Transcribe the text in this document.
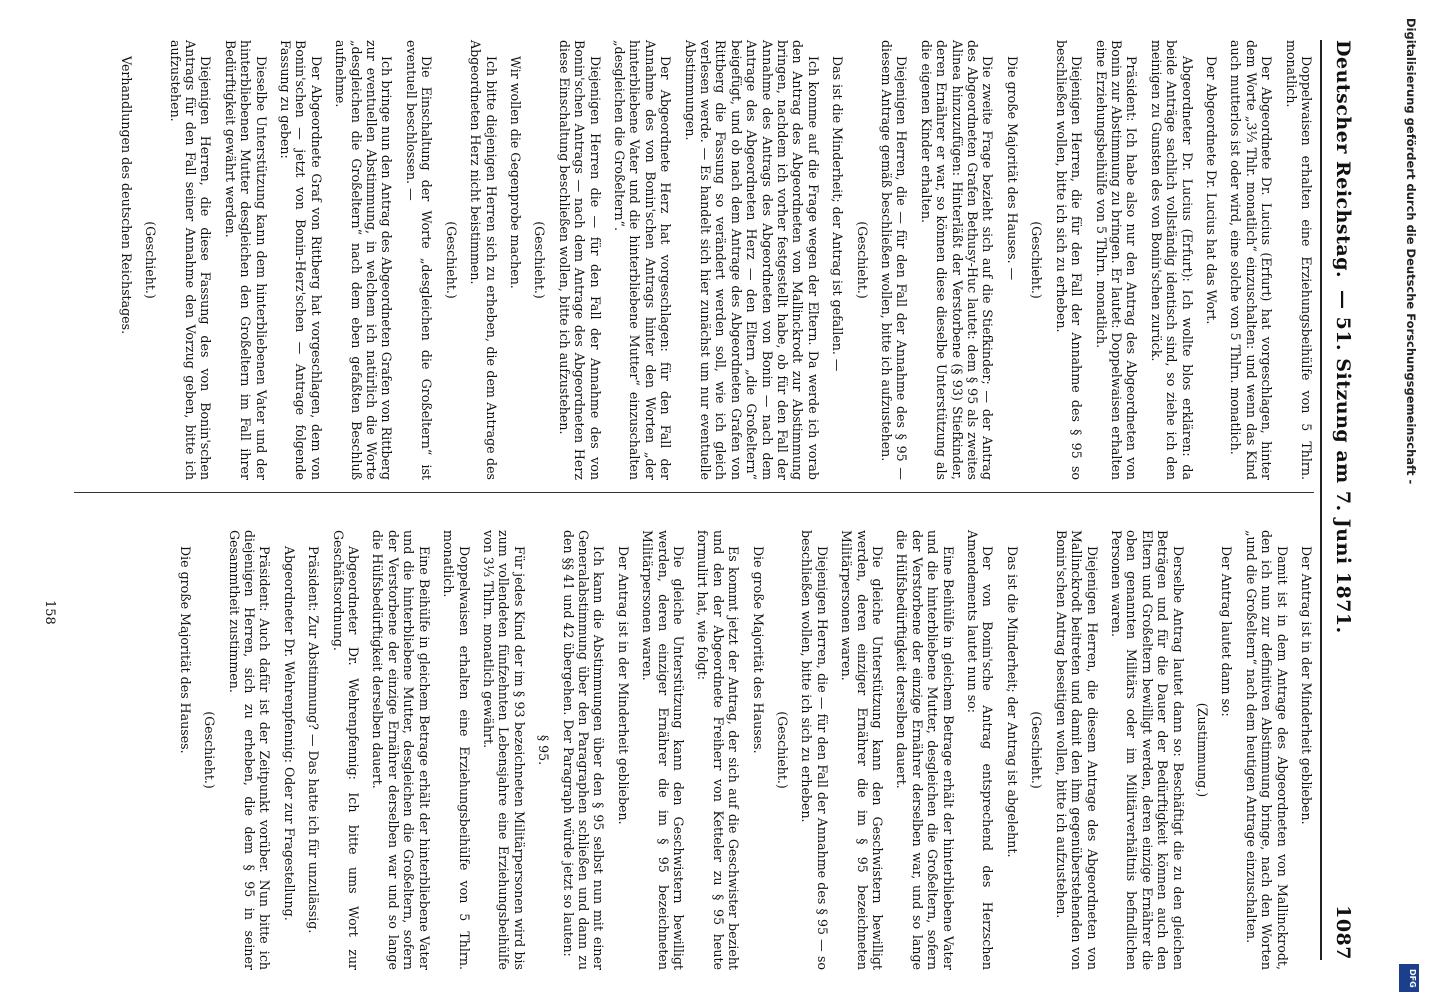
Deutscher Reichstag.
— 51. Sitzung am 7. Juni 1871.
1087

Doppelwaisen erhalten eine Erziehungsbeihülfe von 5 Thlrn. monatlich.

Der Abgeordnete Dr. Lucius (Erfurt) hat vorgeschlagen, hinter dem Worte „3⅓ Thlr. monatlich“ einzuschalten: und wenn das Kind auch mutterlos ist oder wird, eine solche von 5 Thlrn. monatlich.

Der Abgeordnete Dr. Lucius hat das Wort.

Abgeordneter Dr. Lucius (Erfurt): Ich wollte blos erklären: da beide Anträge sachlich vollständig identisch sind, so ziehe ich den meinigen zu Gunsten des von Bonin'schen zurück.

Präsident: Ich habe also nur den Antrag des Abgeordneten von Bonin zur Abstimmung zu bringen. Er lautet: Doppelwaisen erhalten eine Erziehungsbeihülfe von 5 Thlrn. monatlich.

Diejenigen Herren, die für den Fall der Annahme des § 95 so beschließen wollen, bitte ich sich zu erheben.

(Geschieht.)

Die große Majorität des Hauses. —

Die zweite Frage bezieht sich auf die Stiefkinder; — der Antrag des Abgeordneten Grafen Bethusy-Huc lautet: dem § 95 als zweites Alinea hinzuzufügen: Hinterläßt der Verstorbene (§ 93) Stiefkinder, deren Ernährer er war, so können diese dieselbe Unterstützung als die eigenen Kinder erhalten.

Diejenigen Herren, die — für den Fall der Annahme des § 95 — diesem Antrage gemäß beschließen wollen, bitte ich aufzustehen.

(Geschieht.)

Das ist die Minderheit; der Antrag ist gefallen. —

Ich komme auf die Frage wegen der Eltern. Da werde ich vorab den Antrag des Abgeordneten von Mallinckrodt zur Abstimmung bringen, nachdem ich vorher festgestellt habe, ob für den Fall der Annahme des Antrags des Abgeordneten von Bonin — nach dem Antrage des Abgeordneten Herz — den Eltern „die Großeltern“ beigefügt, und ob nach dem Antrage des Abgeordneten Grafen von Rittberg die Fassung so verändert werden soll, wie ich gleich verlesen werde. — Es handelt sich hier zunächst um nur eventuelle Abstimmungen.

Der Abgeordnete Herz hat vorgeschlagen: für den Fall der Annahme des von Bonin'schen Antrags hinter den Worten „der hinterbliebene Vater und die hinterbliebene Mutter“ einzuschalten „desgleichen die Großeltern“.

Diejenigen Herren die — für den Fall der Annahme des von Bonin'schen Antrags — nach dem Antrage des Abgeordneten Herz diese Einschaltung beschließen wollen, bitte ich aufzustehen.

(Geschieht.)

Wir wollen die Gegenprobe machen.

Ich bitte diejenigen Herren sich zu erheben, die dem Antrage des Abgeordneten Herz nicht beistimmen.

(Geschieht.)

Die Einschaltung der Worte „desgleichen die Großeltern“ ist eventuell beschlossen. —

Ich bringe nun den Antrag des Abgeordneten Grafen von Rittberg zur eventuellen Abstimmung, in welchem ich natürlich die Worte „desgleichen die Großeltern“ nach dem eben gefaßten Beschluß aufnehme.

Der Abgeordnete Graf von Rittberg hat vorgeschlagen, dem von Bonin'schen — jetzt von Bonin-Herz'schen — Antrage folgende Fassung zu geben:

Dieselbe Unterstützung kann dem hinterbliebenen Vater und der hinterbliebenen Mutter desgleichen den Großeltern im Fall ihrer Bedürftigkeit gewährt werden.

Diejenigen Herren, die diese Fassung des von Bonin'schen Antrags für den Fall seiner Annahme den Vorzug geben, bitte ich aufzustehen.

(Geschieht.)

Verhandlungen des deutschen Reichstages.

Der Antrag ist in der Minderheit geblieben.

Damit ist in dem Antrage des Abgeordneten von Mallinckrodt, den ich nun zur definitiven Abstimmung bringe, nach den Worten „und die Großeltern“ nach dem heutigen Antrage einzuschalten.

Der Antrag lautet dann so:

(Zustimmung.)

Derselbe Antrag lautet dann so: Beschäftigt die zu den gleichen Beträgen und für die Dauer der Bedürftigkeit können auch den Eltern und Großeltern bewilligt werden, deren einzige Ernährer die oben genannten Militärs oder im Militärverhältnis befindlichen Personen waren.

Diejenigen Herren, die diesem Antrage des Abgeordneten von Mallinckrodt beitreten und damit den ihm gegenüberstehenden von Bonin'schen Antrag beseitigen wollen, bitte ich aufzustehen.

(Geschieht.)

Das ist die Minderheit; der Antrag ist abgelehnt.

Der von Bonin'sche Antrag entsprechend des Herzschen Amendements lautet nun so:

Eine Beihülfe in gleichem Betrage erhält der hinterbliebene Vater und die hinterbliebene Mutter, desgleichen die Großeltern, sofern der Verstorbene der einzige Ernährer derselben war, und so lange die Hülfsbedürftigkeit derselben dauert.

Die gleiche Unterstützung kann den Geschwistern bewilligt werden, deren einziger Ernährer die im § 95 bezeichneten Militärpersonen waren.

Diejenigen Herren, die — für den Fall der Annahme des § 95 — so beschließen wollen, bitte ich sich zu erheben.

(Geschieht.)

Die große Majorität des Hauses.

Es kommt jetzt der Antrag, der sich auf die Geschwister bezieht und den der Abgeordnete Freiherr von Ketteler zu § 95 heute formulirt hat, wie folgt:

Die gleiche Unterstützung kann den Geschwistern bewilligt werden, deren einziger Ernährer die im § 95 bezeichneten Militärpersonen waren.

Der Antrag ist in der Minderheit geblieben.

Ich kann die Abstimmungen über den § 95 selbst nun mit einer Generalabstimmung über den Paragraphen schließen und dann zu den §§ 41 und 42 übergehen. Der Paragraph würde jetzt so lauten:

§ 95.

Für jedes Kind der im § 93 bezeichneten Militärpersonen wird bis zum vollendeten fünfzehnten Lebensjahre eine Erziehungsbeihülfe von 3⅓ Thlrn. monatlich gewährt.

Doppelwaisen erhalten eine Erziehungsbeihülfe von 5 Thlrn. monatlich.

Eine Beihülfe in gleichem Betrage erhält der hinterbliebene Vater und die hinterbliebene Mutter, desgleichen die Großeltern, sofern der Verstorbene der einzige Ernährer derselben war und so lange die Hülfsbedürftigkeit derselben dauert.

Abgeordneter Dr. Wehrenpfennig: Ich bitte ums Wort zur Geschäftsordnung.

Präsident: Zur Abstimmung? — Das hatte ich für unzulässig.

Abgeordneter Dr. Wehrenpfennig: Oder zur Fragestellung.

Präsident: Auch dafür ist der Zeitpunkt vorüber. Nun bitte ich diejenigen Herren, sich zu erheben, die dem § 95 in seiner Gesammtheit zustimmen.

(Geschieht.)

Die große Majorität des Hauses.

158
Digitalisierung gefördert durch die Deutsche Forschungsgemeinschaft -
DFG
